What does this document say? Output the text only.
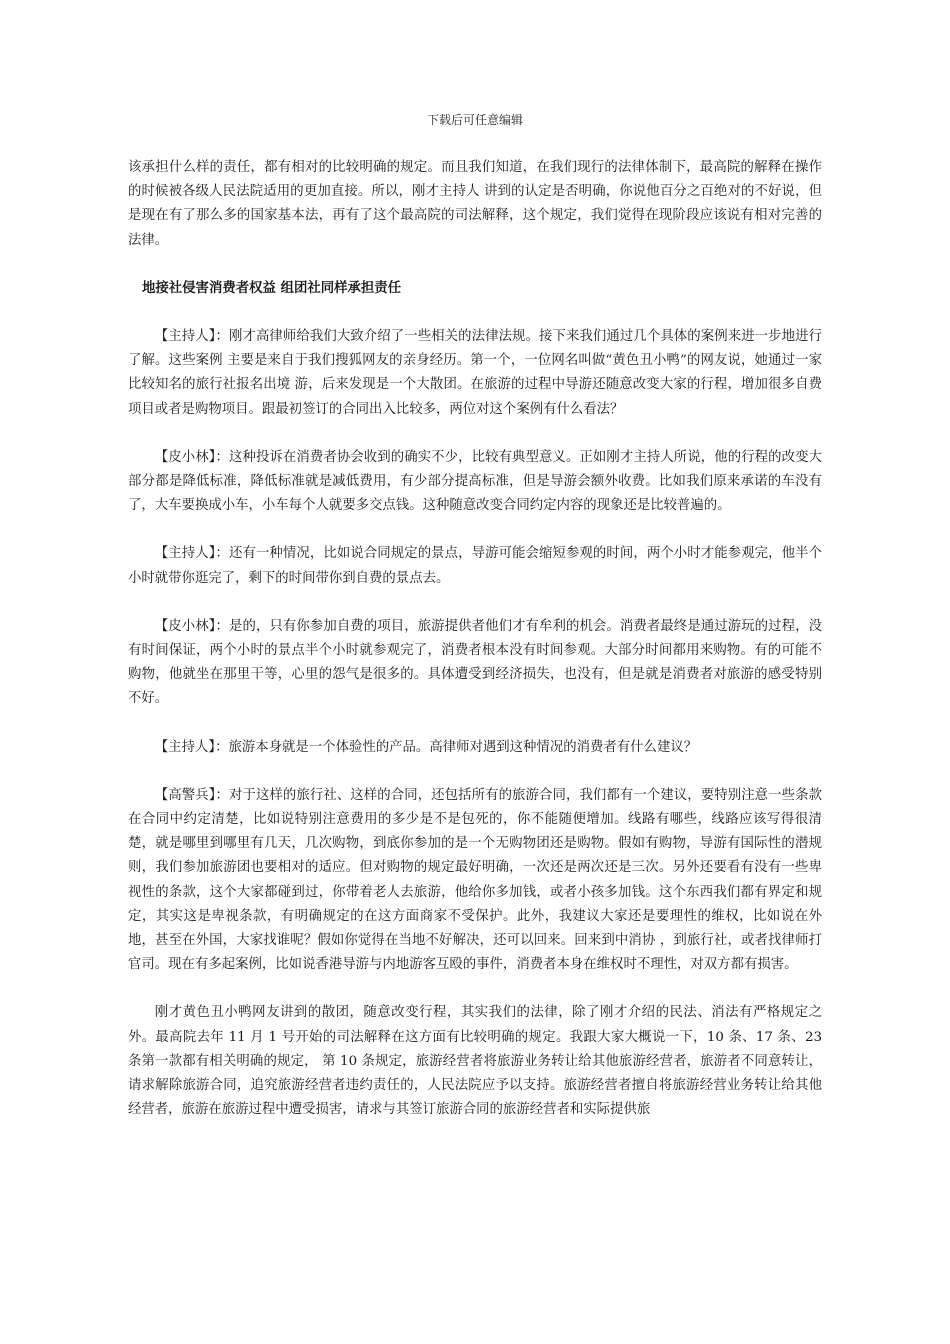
下载后可任意编辑

该承担什么样的责任，都有相对的比较明确的规定。而且我们知道，在我们现行的法律体制下，最高院的解释在操作的时候被各级人民法院适用的更加直接。所以，刚才主持人 讲到的认定是否明确，你说他百分之百绝对的不好说，但是现在有了那么多的国家基本法，再有了这个最高院的司法解释，这个规定，我们觉得在现阶段应该说有相对完善的法律。

地接社侵害消费者权益 组团社同样承担责任

【主持人】：刚才高律师给我们大致介绍了一些相关的法律法规。接下来我们通过几个具体的案例来进一步地进行了解。这些案例 主要是来自于我们搜狐网友的亲身经历。第一个，一位网名叫做“黄色丑小鸭”的网友说，她通过一家比较知名的旅行社报名出境 游，后来发现是一个大散团。在旅游的过程中导游还随意改变大家的行程，增加很多自费项目或者是购物项目。跟最初签订的合同出入比较多，两位对这个案例有什么看法？

【皮小林】：这种投诉在消费者协会收到的确实不少，比较有典型意义。正如刚才主持人所说，他的行程的改变大部分都是降低标准，降低标准就是减低费用，有少部分提高标准，但是导游会额外收费。比如我们原来承诺的车没有了，大车要换成小车，小车每个人就要多交点钱。这种随意改变合同约定内容的现象还是比较普遍的。

【主持人】：还有一种情况，比如说合同规定的景点，导游可能会缩短参观的时间，两个小时才能参观完，他半个小时就带你逛完了，剩下的时间带你到自费的景点去。

【皮小林】：是的，只有你参加自费的项目，旅游提供者他们才有牟利的机会。消费者最终是通过游玩的过程，没有时间保证，两个小时的景点半个小时就参观完了，消费者根本没有时间参观。大部分时间都用来购物。有的可能不购物，他就坐在那里干等，心里的怨气是很多的。具体遭受到经济损失，也没有，但是就是消费者对旅游的感受特别不好。

【主持人】：旅游本身就是一个体验性的产品。高律师对遇到这种情况的消费者有什么建议？

【高警兵】：对于这样的旅行社、这样的合同，还包括所有的旅游合同，我们都有一个建议，要特别注意一些条款在合同中约定清楚，比如说特别注意费用的多少是不是包死的，你不能随便增加。线路有哪些，线路应该写得很清楚，就是哪里到哪里有几天，几次购物，到底你参加的是一个无购物团还是购物。假如有购物，导游有国际性的潜规则，我们参加旅游团也要相对的适应。但对购物的规定最好明确，一次还是两次还是三次。另外还要看有没有一些卑视性的条款，这个大家都碰到过，你带着老人去旅游，他给你多加钱，或者小孩多加钱。这个东西我们都有界定和规定，其实这是卑视条款，有明确规定的在这方面商家不受保护。此外，我建议大家还是要理性的维权，比如说在外地，甚至在外国，大家找谁呢？假如你觉得在当地不好解决，还可以回来。回来到中消协 ，到旅行社，或者找律师打官司。现在有多起案例，比如说香港导游与内地游客互殴的事件，消费者本身在维权时不理性，对双方都有损害。

刚才黄色丑小鸭网友讲到的散团，随意改变行程，其实我们的法律，除了刚才介绍的民法、消法有严格规定之外。最高院去年 11 月 1 号开始的司法解释在这方面有比较明确的规定。我跟大家大概说一下，10 条、17 条、23 条第一款都有相关明确的规定， 第 10 条规定，旅游经营者将旅游业务转让给其他旅游经营者，旅游者不同意转让，请求解除旅游合同，追究旅游经营者违约责任的，人民法院应予以支持。旅游经营者擅自将旅游经营业务转让给其他经营者，旅游在旅游过程中遭受损害，请求与其签订旅游合同的旅游经营者和实际提供旅
